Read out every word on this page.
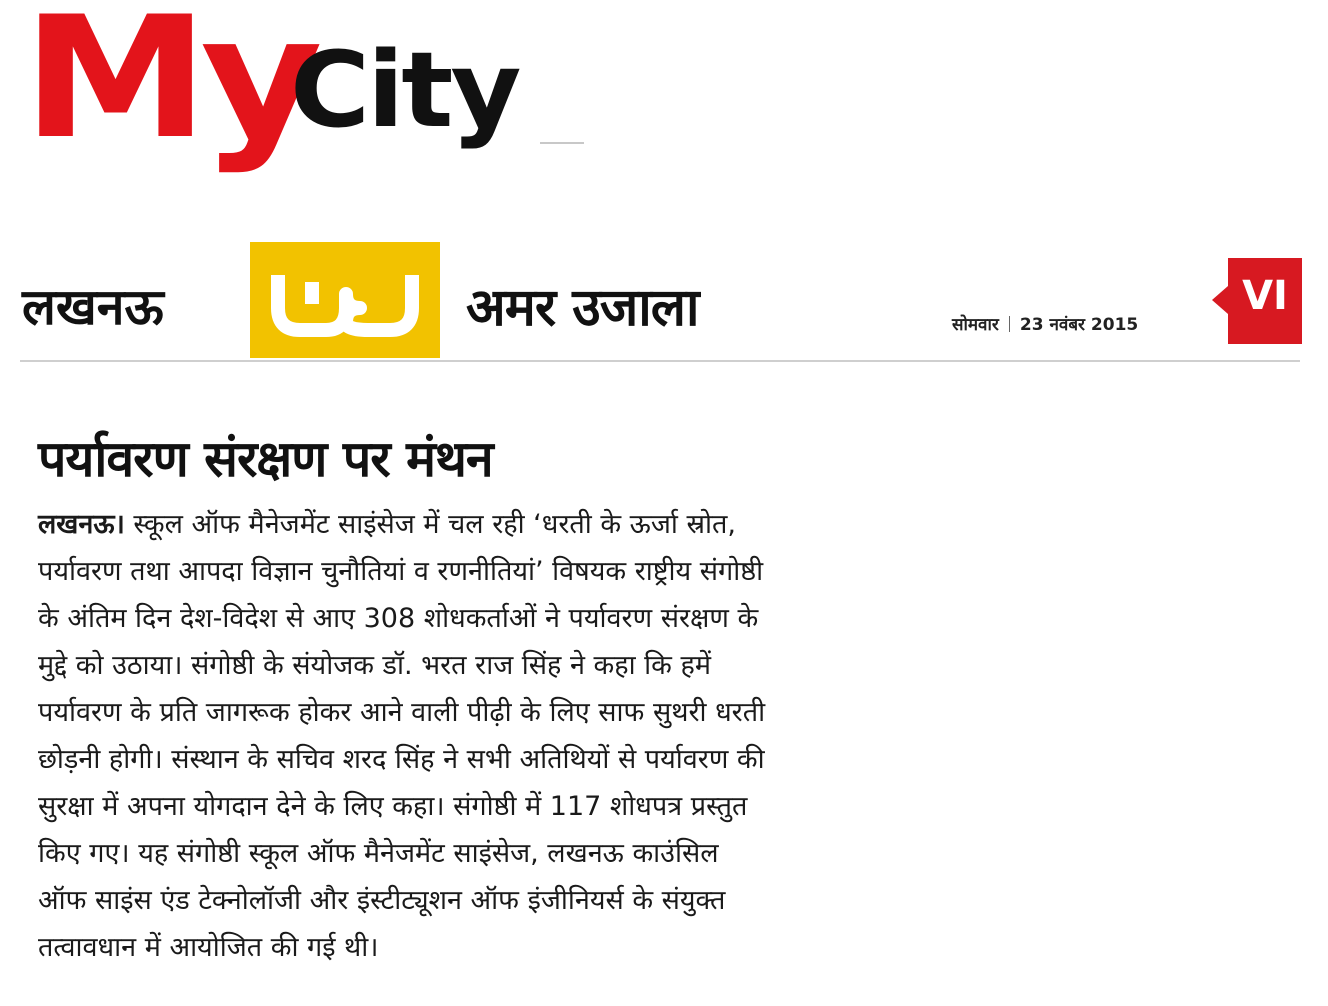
My
City
लखनऊ	अमर उजाला	सोमवार 23 नवंबर 2015
VI
पर्यावरण संरक्षण पर मंथन
लखनऊ। स्कूल ऑफ मैनेजमेंट साइंसेज में चल रही ‘धरती के ऊर्जा स्रोत,
पर्यावरण तथा आपदा विज्ञान चुनौतियां व रणनीतियां’ विषयक राष्ट्रीय संगोष्ठी
के अंतिम दिन देश-विदेश से आए 308 शोधकर्ताओं ने पर्यावरण संरक्षण के
मुद्दे को उठाया। संगोष्ठी के संयोजक डॉ. भरत राज सिंह ने कहा कि हमें
पर्यावरण के प्रति जागरूक होकर आने वाली पीढ़ी के लिए साफ सुथरी धरती
छोड़नी होगी। संस्थान के सचिव शरद सिंह ने सभी अतिथियों से पर्यावरण की
सुरक्षा में अपना योगदान देने के लिए कहा। संगोष्ठी में 117 शोधपत्र प्रस्तुत
किए गए। यह संगोष्ठी स्कूल ऑफ मैनेजमेंट साइंसेज, लखनऊ काउंसिल
ऑफ साइंस एंड टेक्नोलॉजी और इंस्टीट्यूशन ऑफ इंजीनियर्स के संयुक्त
तत्वावधान में आयोजित की गई थी।
